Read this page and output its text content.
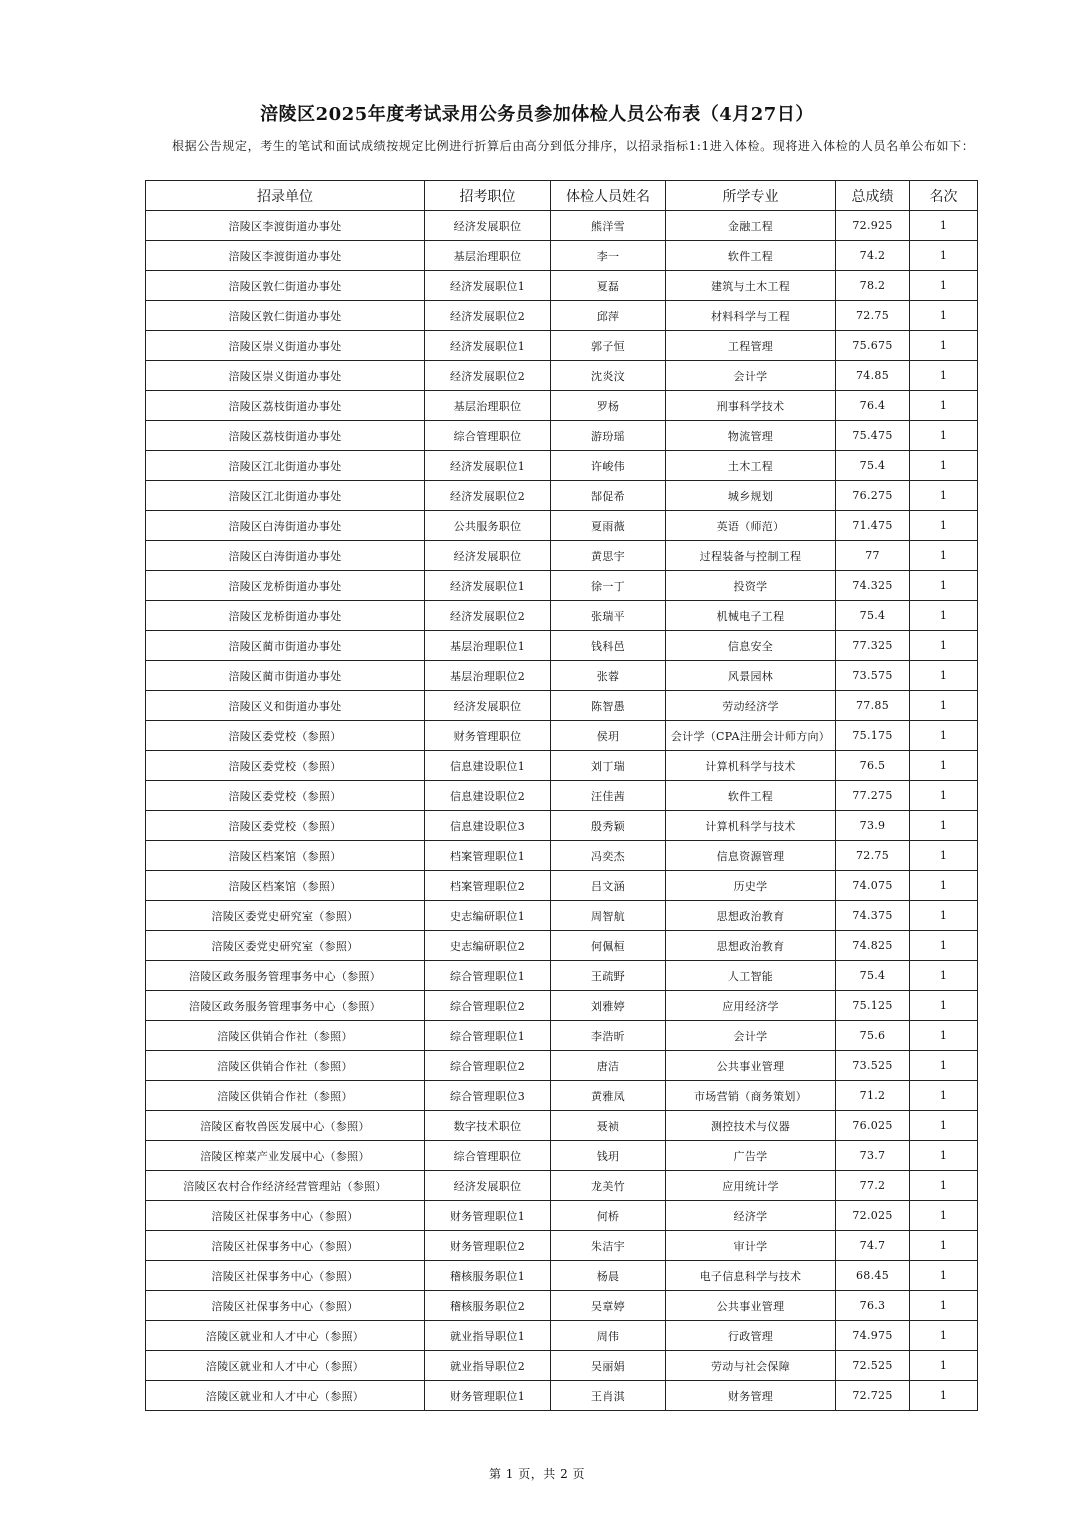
涪陵区2025年度考试录用公务员参加体检人员公布表（4月27日）
根据公告规定，考生的笔试和面试成绩按规定比例进行折算后由高分到低分排序，以招录指标1:1进入体检。现将进入体检的人员名单公布如下：
招录单位	招考职位	体检人员姓名	所学专业	总成绩	名次
涪陵区李渡街道办事处	经济发展职位	熊洋雪	金融工程	72.925	1
涪陵区李渡街道办事处	基层治理职位	李一	软件工程	74.2	1
涪陵区敦仁街道办事处	经济发展职位1	夏磊	建筑与土木工程	78.2	1
涪陵区敦仁街道办事处	经济发展职位2	邱萍	材料科学与工程	72.75	1
涪陵区崇义街道办事处	经济发展职位1	郭子恒	工程管理	75.675	1
涪陵区崇义街道办事处	经济发展职位2	沈炎汶	会计学	74.85	1
涪陵区荔枝街道办事处	基层治理职位	罗杨	刑事科学技术	76.4	1
涪陵区荔枝街道办事处	综合管理职位	游玢瑶	物流管理	75.475	1
涪陵区江北街道办事处	经济发展职位1	许峻伟	土木工程	75.4	1
涪陵区江北街道办事处	经济发展职位2	郜促希	城乡规划	76.275	1
涪陵区白涛街道办事处	公共服务职位	夏雨薇	英语（师范）	71.475	1
涪陵区白涛街道办事处	经济发展职位	黄思宇	过程装备与控制工程	77	1
涪陵区龙桥街道办事处	经济发展职位1	徐一丁	投资学	74.325	1
涪陵区龙桥街道办事处	经济发展职位2	张瑞平	机械电子工程	75.4	1
涪陵区蔺市街道办事处	基层治理职位1	钱科邑	信息安全	77.325	1
涪陵区蔺市街道办事处	基层治理职位2	张蓉	风景园林	73.575	1
涪陵区义和街道办事处	经济发展职位	陈智愚	劳动经济学	77.85	1
涪陵区委党校（参照）	财务管理职位	侯玥	会计学（CPA注册会计师方向）	75.175	1
涪陵区委党校（参照）	信息建设职位1	刘丁瑞	计算机科学与技术	76.5	1
涪陵区委党校（参照）	信息建设职位2	汪佳茜	软件工程	77.275	1
涪陵区委党校（参照）	信息建设职位3	殷秀颖	计算机科学与技术	73.9	1
涪陵区档案馆（参照）	档案管理职位1	冯奕杰	信息资源管理	72.75	1
涪陵区档案馆（参照）	档案管理职位2	吕文涵	历史学	74.075	1
涪陵区委党史研究室（参照）	史志编研职位1	周智航	思想政治教育	74.375	1
涪陵区委党史研究室（参照）	史志编研职位2	何佩桓	思想政治教育	74.825	1
涪陵区政务服务管理事务中心（参照）	综合管理职位1	王疏野	人工智能	75.4	1
涪陵区政务服务管理事务中心（参照）	综合管理职位2	刘雅婷	应用经济学	75.125	1
涪陵区供销合作社（参照）	综合管理职位1	李浩昕	会计学	75.6	1
涪陵区供销合作社（参照）	综合管理职位2	唐洁	公共事业管理	73.525	1
涪陵区供销合作社（参照）	综合管理职位3	黄雅凤	市场营销（商务策划）	71.2	1
涪陵区畜牧兽医发展中心（参照）	数字技术职位	聂祯	测控技术与仪器	76.025	1
涪陵区榨菜产业发展中心（参照）	综合管理职位	钱玥	广告学	73.7	1
涪陵区农村合作经济经营管理站（参照）	经济发展职位	龙美竹	应用统计学	77.2	1
涪陵区社保事务中心（参照）	财务管理职位1	何桥	经济学	72.025	1
涪陵区社保事务中心（参照）	财务管理职位2	朱洁宇	审计学	74.7	1
涪陵区社保事务中心（参照）	稽核服务职位1	杨晨	电子信息科学与技术	68.45	1
涪陵区社保事务中心（参照）	稽核服务职位2	吴章婷	公共事业管理	76.3	1
涪陵区就业和人才中心（参照）	就业指导职位1	周伟	行政管理	74.975	1
涪陵区就业和人才中心（参照）	就业指导职位2	吴丽娟	劳动与社会保障	72.525	1
涪陵区就业和人才中心（参照）	财务管理职位1	王肖淇	财务管理	72.725	1
第 1 页，共 2 页
